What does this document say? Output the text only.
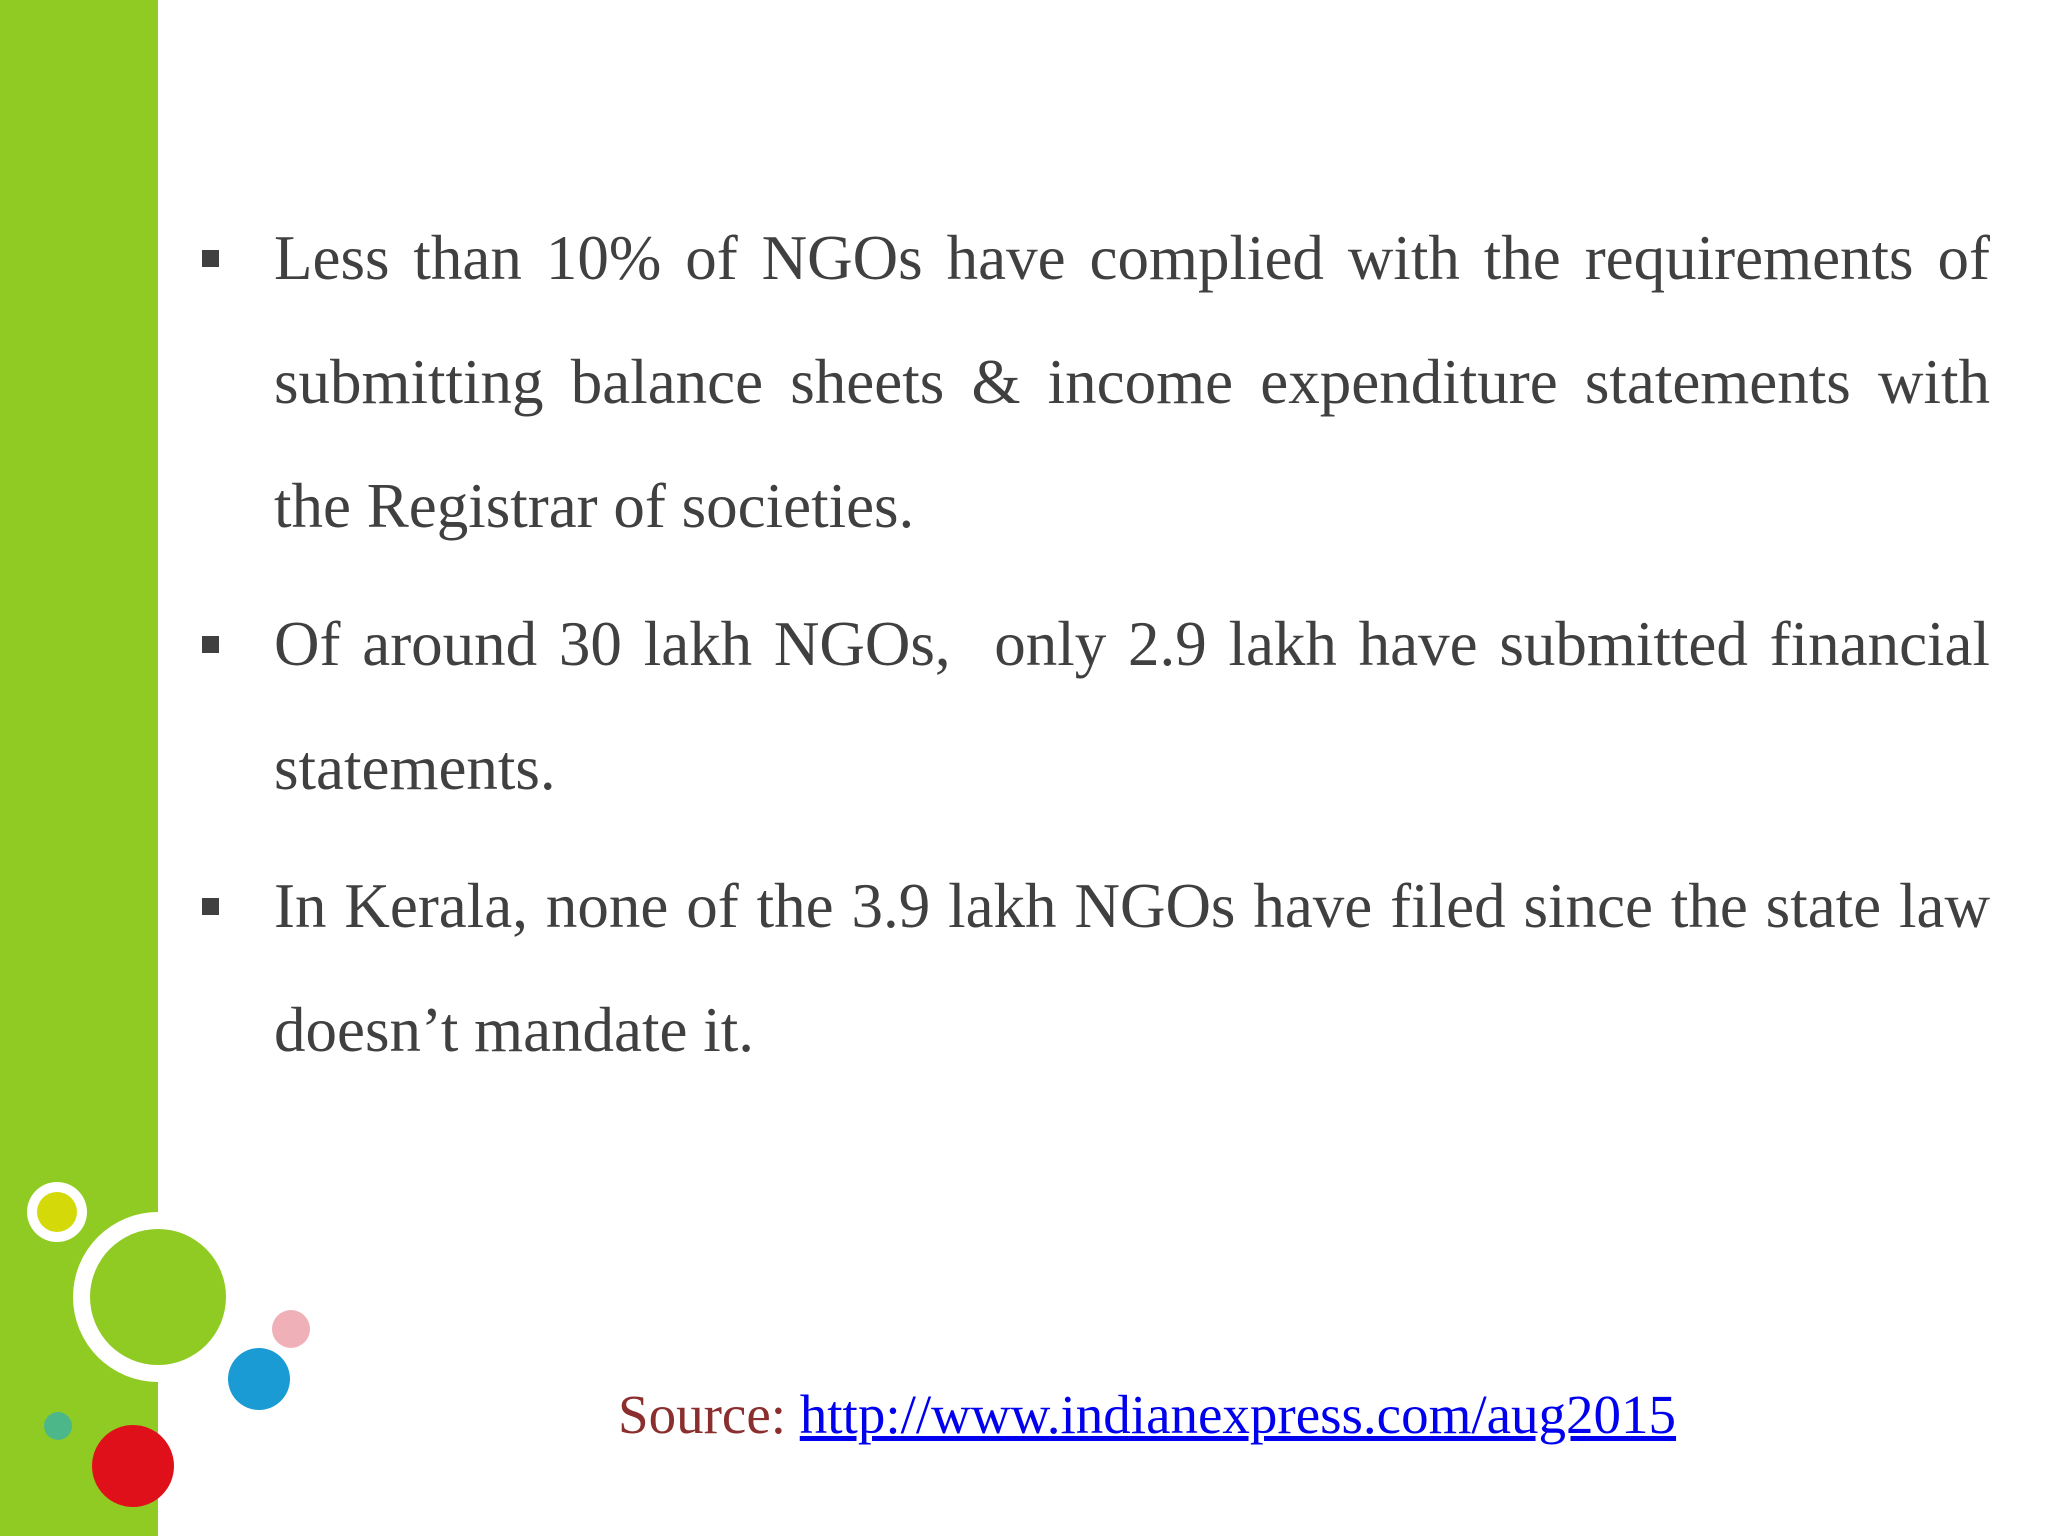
Less than 10% of NGOs have complied with the requirements of submitting balance sheets & income expenditure statements with the Registrar of societies.
Of around 30 lakh NGOs,  only 2.9 lakh have submitted financial statements.
In Kerala, none of the 3.9 lakh NGOs have filed since the state law doesn’t mandate it.
Source: http://www.indianexpress.com/aug2015
